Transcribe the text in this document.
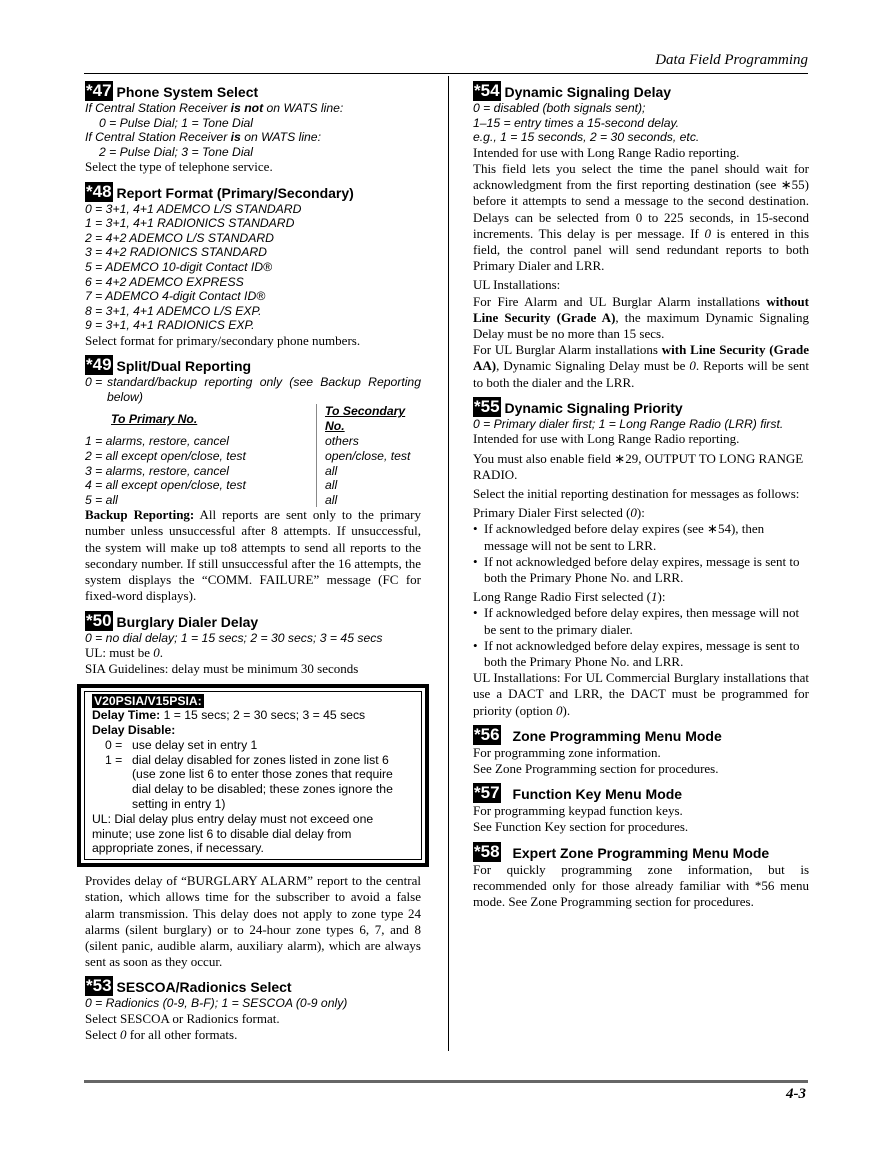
Data Field Programming
*47 Phone System Select
If Central Station Receiver is not on WATS line:
0 = Pulse Dial; 1 = Tone Dial
If Central Station Receiver is on WATS line:
2 = Pulse Dial; 3 = Tone Dial
Select the type of telephone service.
*48 Report Format (Primary/Secondary)
0 = 3+1, 4+1 ADEMCO L/S STANDARD
1 = 3+1, 4+1 RADIONICS STANDARD
2 = 4+2 ADEMCO L/S STANDARD
3 = 4+2 RADIONICS STANDARD
5 = ADEMCO 10-digit Contact ID®
6 = 4+2 ADEMCO EXPRESS
7 = ADEMCO 4-digit Contact ID®
8 = 3+1, 4+1 ADEMCO L/S EXP.
9 = 3+1, 4+1 RADIONICS EXP.
Select format for primary/secondary phone numbers.
*49 Split/Dual Reporting
0 = standard/backup reporting only (see Backup Reporting below)
To Primary No.	To Secondary No.
1 = alarms, restore, cancel	others
2 = all except open/close, test	open/close, test
3 = alarms, restore, cancel	all
4 = all except open/close, test	all
5 = all	all
Backup Reporting: All reports are sent only to the primary number unless unsuccessful after 8 attempts. If unsuccessful, the system will make up to8 attempts to send all reports to the secondary number. If still unsuccessful after the 16 attempts, the system displays the “COMM. FAILURE” message (FC for fixed-word displays).
*50 Burglary Dialer Delay
0 = no dial delay; 1 = 15 secs; 2 = 30 secs; 3 = 45 secs
UL: must be 0.
SIA Guidelines: delay must be minimum 30 seconds
V20PSIA/V15PSIA:
Delay Time: 1 = 15 secs; 2 = 30 secs; 3 = 45 secs
Delay Disable:
0 = use delay set in entry 1
1 = dial delay disabled for zones listed in zone list 6 (use zone list 6 to enter those zones that require dial delay to be disabled; these zones ignore the setting in entry 1)
UL: Dial delay plus entry delay must not exceed one minute; use zone list 6 to disable dial delay from appropriate zones, if necessary.
Provides delay of “BURGLARY ALARM” report to the central station, which allows time for the subscriber to avoid a false alarm transmission. This delay does not apply to zone type 24 alarms (silent burglary) or to 24-hour zone types 6, 7, and 8 (silent panic, audible alarm, auxiliary alarm), which are always sent as soon as they occur.
*53 SESCOA/Radionics Select
0 = Radionics (0-9, B-F); 1 = SESCOA (0-9 only)
Select SESCOA or Radionics format.
Select 0 for all other formats.
*54 Dynamic Signaling Delay
0 = disabled (both signals sent);
1–15 = entry times a 15-second delay.
e.g., 1 = 15 seconds, 2 = 30 seconds, etc.
Intended for use with Long Range Radio reporting.
This field lets you select the time the panel should wait for acknowledgment from the first reporting destination (see ∗55) before it attempts to send a message to the second destination. Delays can be selected from 0 to 225 seconds, in 15-second increments. This delay is per message. If 0 is entered in this field, the control panel will send redundant reports to both Primary Dialer and LRR.
UL Installations:
For Fire Alarm and UL Burglar Alarm installations without Line Security (Grade A), the maximum Dynamic Signaling Delay must be no more than 15 secs.
For UL Burglar Alarm installations with Line Security (Grade AA), Dynamic Signaling Delay must be 0. Reports will be sent to both the dialer and the LRR.
*55 Dynamic Signaling Priority
0 = Primary dialer first; 1 = Long Range Radio (LRR) first.
Intended for use with Long Range Radio reporting.
You must also enable field ∗29, OUTPUT TO LONG RANGE RADIO.
Select the initial reporting destination for messages as follows:
Primary Dialer First selected (0):
• If acknowledged before delay expires (see ∗54), then message will not be sent to LRR.
• If not acknowledged before delay expires, message is sent to both the Primary Phone No. and LRR.
Long Range Radio First selected (1):
• If acknowledged before delay expires, then message will not be sent to the primary dialer.
• If not acknowledged before delay expires, message is sent to both the Primary Phone No. and LRR.
UL Installations: For UL Commercial Burglary installations that use a DACT and LRR, the DACT must be programmed for priority (option 0).
*56 Zone Programming Menu Mode
For programming zone information.
See Zone Programming section for procedures.
*57 Function Key Menu Mode
For programming keypad function keys.
See Function Key section for procedures.
*58 Expert Zone Programming Menu Mode
For quickly programming zone information, but is recommended only for those already familiar with *56 menu mode. See Zone Programming section for procedures.
4-3
